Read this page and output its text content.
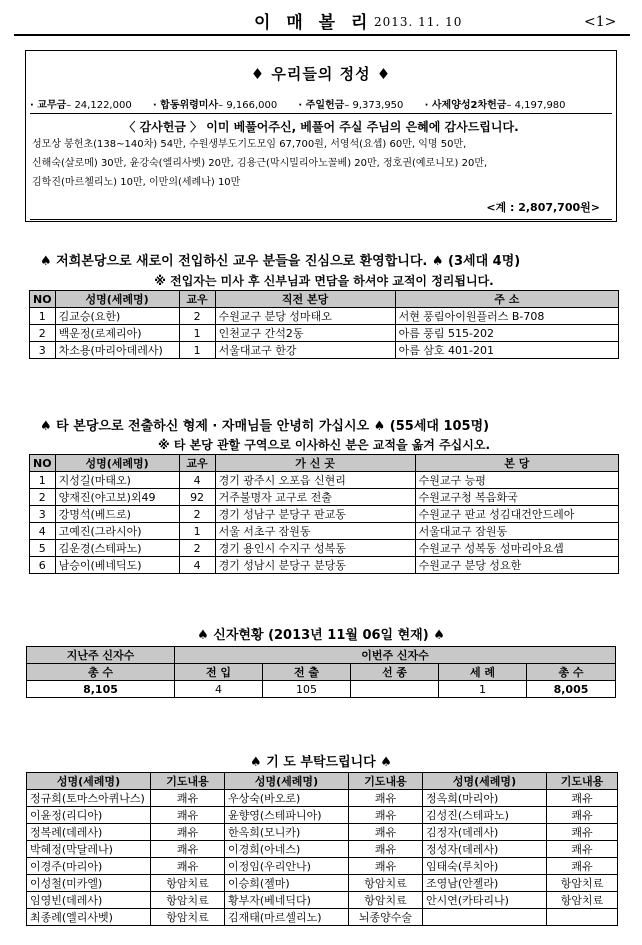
이 매 볼 리 2013. 11. 10	<1>
♦ 우리들의 정성 ♦
· 교무금– 24,122,000 · 합동위령미사– 9,166,000 · 주일헌금– 9,373,950 · 사제양성2차헌금– 4,197,980
〈 감사헌금 〉 이미 베풀어주신, 베풀어 주실 주님의 은혜에 감사드립니다.
성모상 봉헌초(138~140차) 54만, 수원생부도기도모임 67,700원, 서영석(요셉) 60만, 익명 50만,
신해숙(살로메) 30만, 윤강숙(엘리사벳) 20만, 김용근(막시밀리아노꼴베) 20만, 정호권(예로니모) 20만,
김학진(마르첼리노) 10만, 이만의(세례나) 10만
<계 : 2,807,700원>
♠ 저희본당으로 새로이 전입하신 교우 분들을 진심으로 환영합니다. ♠ (3세대 4명)
※ 전입자는 미사 후 신부님과 면담을 하셔야 교적이 정리됩니다.
NO	성명(세례명)	교우	직전 본당	주 소
1	김교승(요한)	2	수원교구 분당 성마태오	서현 풍림아이원플러스 B-708
2	백운정(로제리아)	1	인천교구 간석2동	아름 풍림 515-202
3	차소용(마리아데레사)	1	서울대교구 한강	아름 삼호 401-201
♠ 타 본당으로 전출하신 형제 · 자매님들 안녕히 가십시오 ♠ (55세대 105명)
※ 타 본당 관할 구역으로 이사하신 분은 교적을 옮겨 주십시오.
NO	성명(세례명)	교우	가 신 곳	본 당
1	지성길(마태오)	4	경기 광주시 오포읍 신현리	수원교구 능평
2	양재진(야고보)외49	92	거주불명자 교구로 전출	수원교구청 복음화국
3	강명석(베드로)	2	경기 성남구 분당구 판교동	수원교구 판교 성김대건안드레아
4	고예진(그라시아)	1	서울 서초구 잠원동	서울대교구 잠원동
5	김운경(스테파노)	2	경기 용인시 수지구 성복동	수원교구 성복동 성마리아요셉
6	남승이(베네딕도)	4	경기 성남시 분당구 분당동	수원교구 분당 성요한
♠ 신자현황 (2013년 11월 06일 현재) ♠
지난주 신자수	이번주 신자수				
총 수	전 입	전 출	선 종	세 례	총 수
8,105	4	105		1	8,005
♠ 기 도 부탁드립니다 ♠
성명(세례명)	기도내용	성명(세례명)	기도내용	성명(세례명)	기도내용
정규희(토마스아퀴나스)	쾌유	우상숙(바오로)	쾌유	정옥희(마리아)	쾌유
이윤정(리디아)	쾌유	윤향영(스테파니아)	쾌유	김성진(스테파노)	쾌유
정복례(데레사)	쾌유	한옥희(모니카)	쾌유	김정자(데레사)	쾌유
박혜정(막달레나)	쾌유	이경희(아네스)	쾌유	정성자(데레사)	쾌유
이경주(마리아)	쾌유	이정임(우리안나)	쾌유	임태숙(루치아)	쾌유
이성철(미카엘)	항암치료	이승희(젤마)	항암치료	조영남(안젤라)	항암치료
임영빈(데레사)	항암치료	황부자(베네딕다)	항암치료	안시연(카타리나)	항암치료
최종례(엘리사벳)	항암치료	김재태(마르셀리노)	뇌종양수술		
